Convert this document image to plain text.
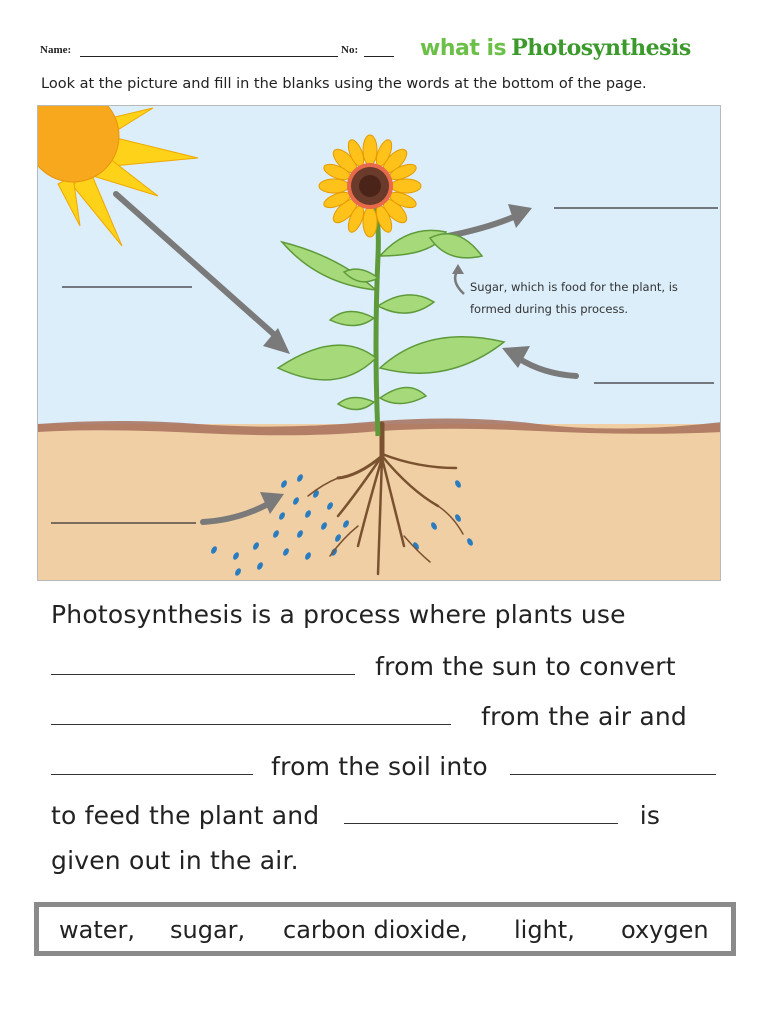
Name:	No:	what is Photosynthesis
Look at the picture and fill in the blanks using the words at the bottom of the page.
Sugar, which is food for the plant, is
formed during this process.
Photosynthesis is a process where plants use
from the sun to convert
from the air and
from the soil into
to feed the plant and	is
given out in the air.
water, sugar, carbon dioxide, light, oxygen
